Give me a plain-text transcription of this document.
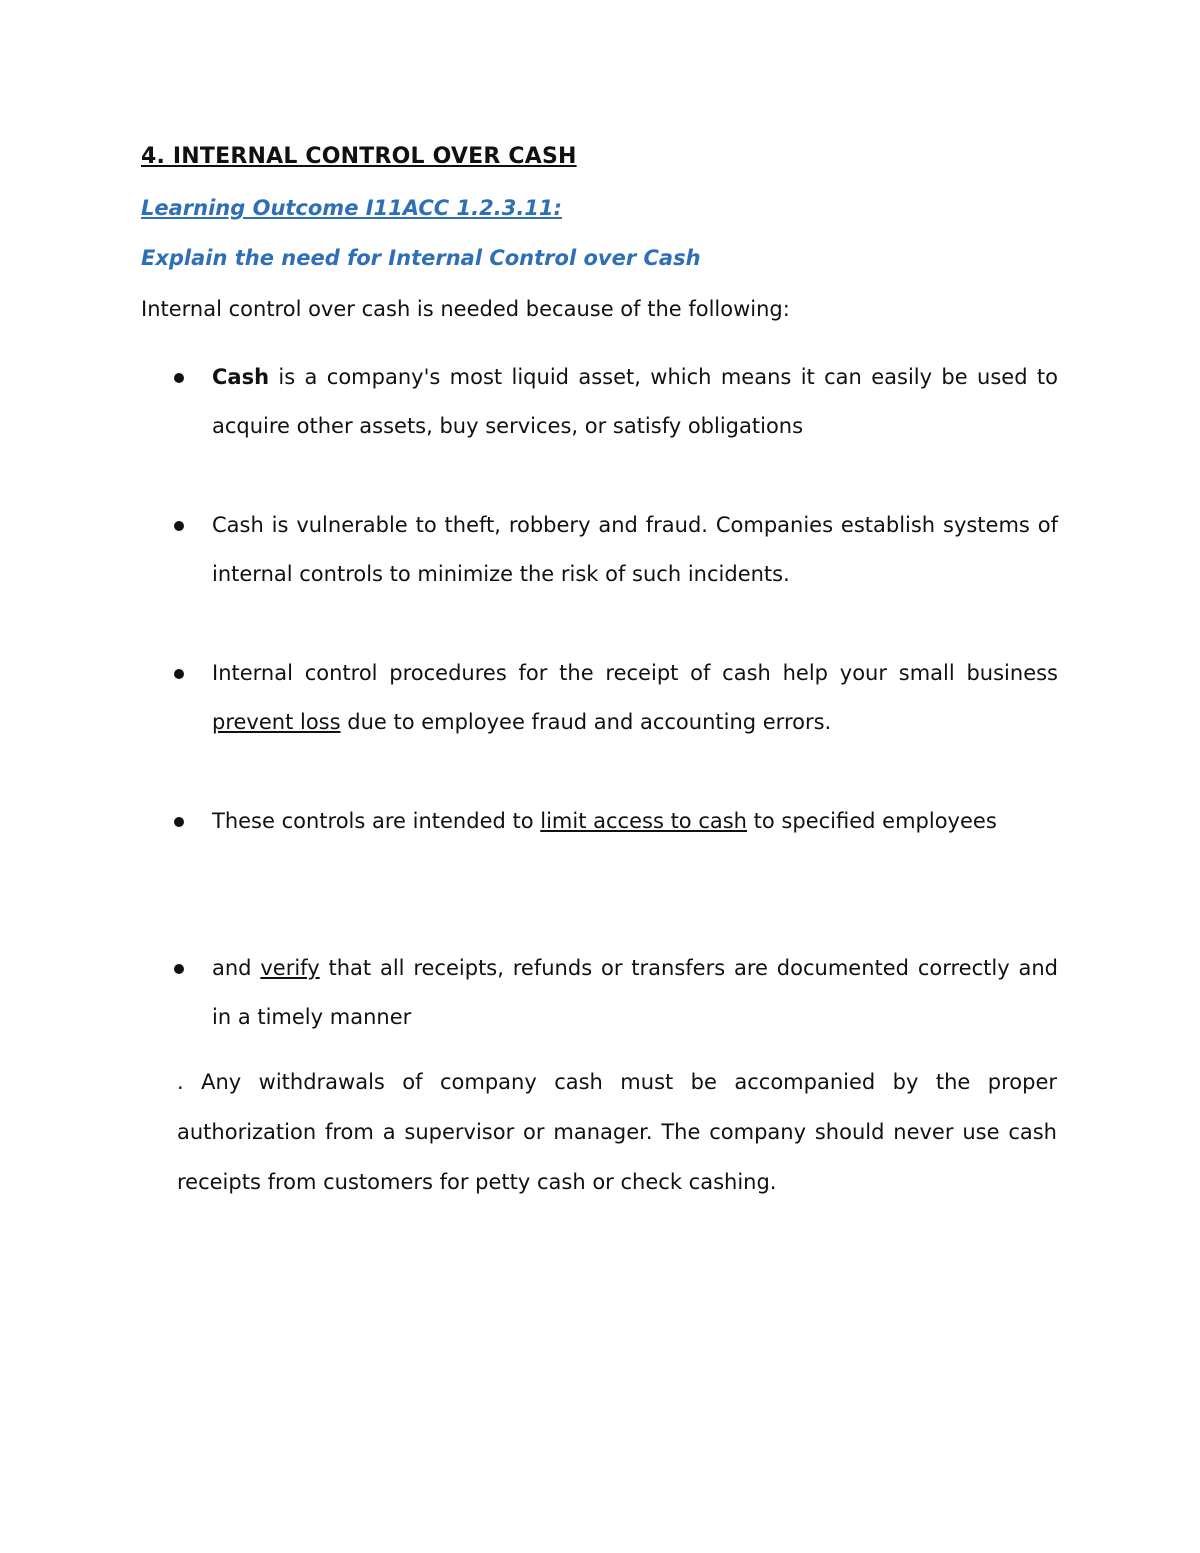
4. INTERNAL CONTROL OVER CASH

Learning Outcome I11ACC 1.2.3.11:

Explain the need for Internal Control over Cash

Internal control over cash is needed because of the following:

Cash is a company's most liquid asset, which means it can easily be used to acquire other assets, buy services, or satisfy obligations

Cash is vulnerable to theft, robbery and fraud. Companies establish systems of internal controls to minimize the risk of such incidents.

Internal control procedures for the receipt of cash help your small business prevent loss due to employee fraud and accounting errors.

These controls are intended to limit access to cash to specified employees

and verify that all receipts, refunds or transfers are documented correctly and in a timely manner

. Any withdrawals of company cash must be accompanied by the proper authorization from a supervisor or manager. The company should never use cash receipts from customers for petty cash or check cashing.
